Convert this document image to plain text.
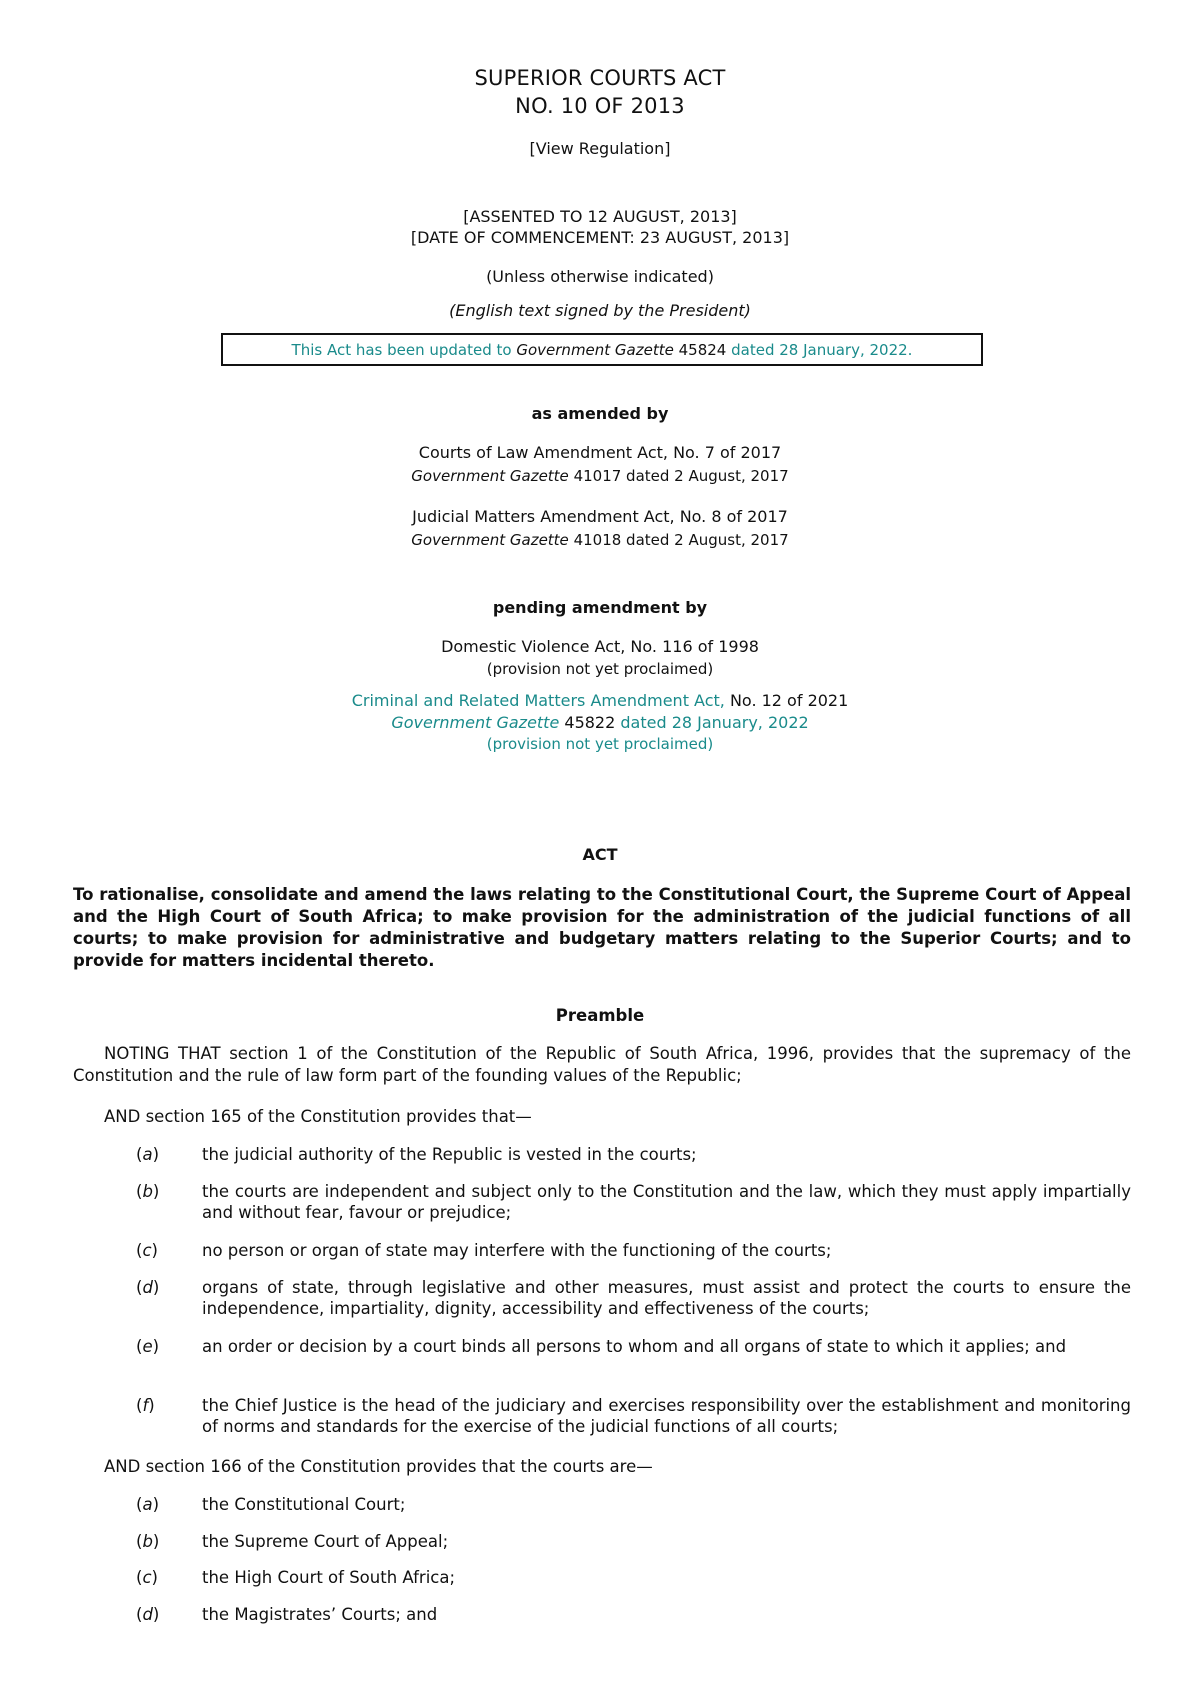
SUPERIOR COURTS ACT
NO. 10 OF 2013
[View Regulation]
[ASSENTED TO 12 AUGUST, 2013]
[DATE OF COMMENCEMENT: 23 AUGUST, 2013]
(Unless otherwise indicated)
(English text signed by the President)
This Act has been updated to Government Gazette 45824 dated 28 January, 2022.
as amended by
Courts of Law Amendment Act, No. 7 of 2017
Government Gazette 41017 dated 2 August, 2017
Judicial Matters Amendment Act, No. 8 of 2017
Government Gazette 41018 dated 2 August, 2017
pending amendment by
Domestic Violence Act, No. 116 of 1998
(provision not yet proclaimed)
Criminal and Related Matters Amendment Act, No. 12 of 2021
Government Gazette 45822 dated 28 January, 2022
(provision not yet proclaimed)
ACT
To rationalise, consolidate and amend the laws relating to the Constitutional Court, the Supreme Court of Appeal and the High Court of South Africa; to make provision for the administration of the judicial functions of all courts; to make provision for administrative and budgetary matters relating to the Superior Courts; and to provide for matters incidental thereto.
Preamble
NOTING THAT section 1 of the Constitution of the Republic of South Africa, 1996, provides that the supremacy of the Constitution and the rule of law form part of the founding values of the Republic;
AND section 165 of the Constitution provides that—
(a)	the judicial authority of the Republic is vested in the courts;
(b)	the courts are independent and subject only to the Constitution and the law, which they must apply impartially and without fear, favour or prejudice;
(c)	no person or organ of state may interfere with the functioning of the courts;
(d)	organs of state, through legislative and other measures, must assist and protect the courts to ensure the independence, impartiality, dignity, accessibility and effectiveness of the courts;
(e)	an order or decision by a court binds all persons to whom and all organs of state to which it applies; and
(f)	the Chief Justice is the head of the judiciary and exercises responsibility over the establishment and monitoring of norms and standards for the exercise of the judicial functions of all courts;
AND section 166 of the Constitution provides that the courts are—
(a)	the Constitutional Court;
(b)	the Supreme Court of Appeal;
(c)	the High Court of South Africa;
(d)	the Magistrates’ Courts; and
